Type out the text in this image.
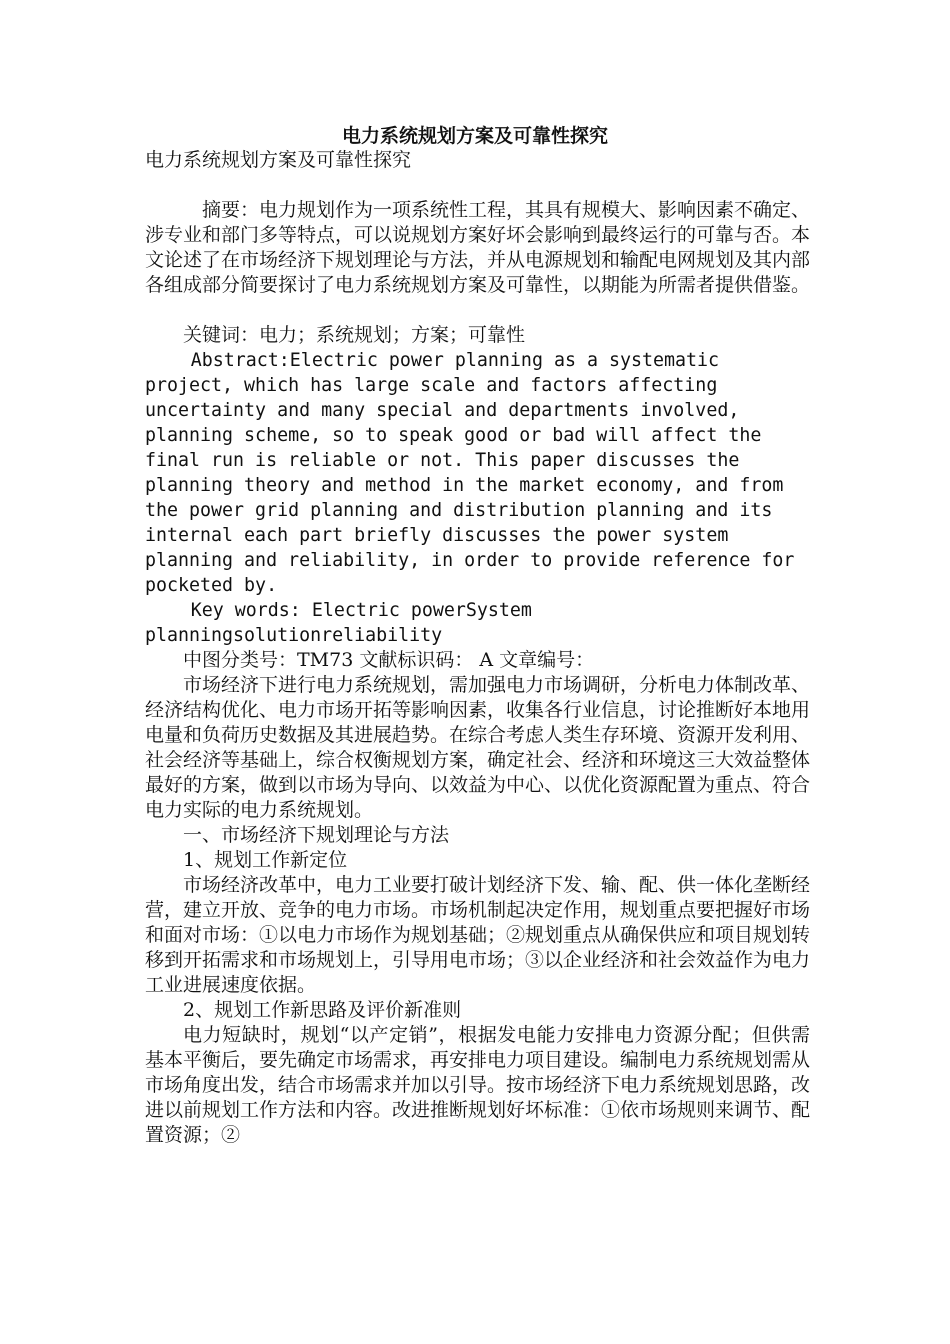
电力系统规划方案及可靠性探究

电力系统规划方案及可靠性探究

摘要：电力规划作为一项系统性工程，其具有规模大、影响因素不确定、涉专业和部门多等特点，可以说规划方案好坏会影响到最终运行的可靠与否。本文论述了在市场经济下规划理论与方法，并从电源规划和输配电网规划及其内部各组成部分简要探讨了电力系统规划方案及可靠性，以期能为所需者提供借鉴。

关键词：电力；系统规划；方案；可靠性

Abstract:Electric power planning as a systematic project, which has large scale and factors affecting uncertainty and many special and departments involved, planning scheme, so to speak good or bad will affect the final run is reliable or not. This paper discusses the planning theory and method in the market economy, and from the power grid planning and distribution planning and its internal each part briefly discusses the power system planning and reliability, in order to provide reference for pocketed by.

Key words: Electric powerSystem planningsolutionreliability

中图分类号：TM73 文献标识码： A 文章编号：

市场经济下进行电力系统规划，需加强电力市场调研，分析电力体制改革、经济结构优化、电力市场开拓等影响因素，收集各行业信息，讨论推断好本地用电量和负荷历史数据及其进展趋势。在综合考虑人类生存环境、资源开发利用、社会经济等基础上，综合权衡规划方案，确定社会、经济和环境这三大效益整体最好的方案，做到以市场为导向、以效益为中心、以优化资源配置为重点、符合电力实际的电力系统规划。

一、市场经济下规划理论与方法

1、规划工作新定位

市场经济改革中，电力工业要打破计划经济下发、输、配、供一体化垄断经营，建立开放、竞争的电力市场。市场机制起决定作用，规划重点要把握好市场和面对市场：①以电力市场作为规划基础；②规划重点从确保供应和项目规划转移到开拓需求和市场规划上，引导用电市场；③以企业经济和社会效益作为电力工业进展速度依据。

2、规划工作新思路及评价新准则

电力短缺时，规划“以产定销”，根据发电能力安排电力资源分配；但供需基本平衡后，要先确定市场需求，再安排电力项目建设。编制电力系统规划需从市场角度出发，结合市场需求并加以引导。按市场经济下电力系统规划思路，改进以前规划工作方法和内容。改进推断规划好坏标准：①依市场规则来调节、配置资源；②
